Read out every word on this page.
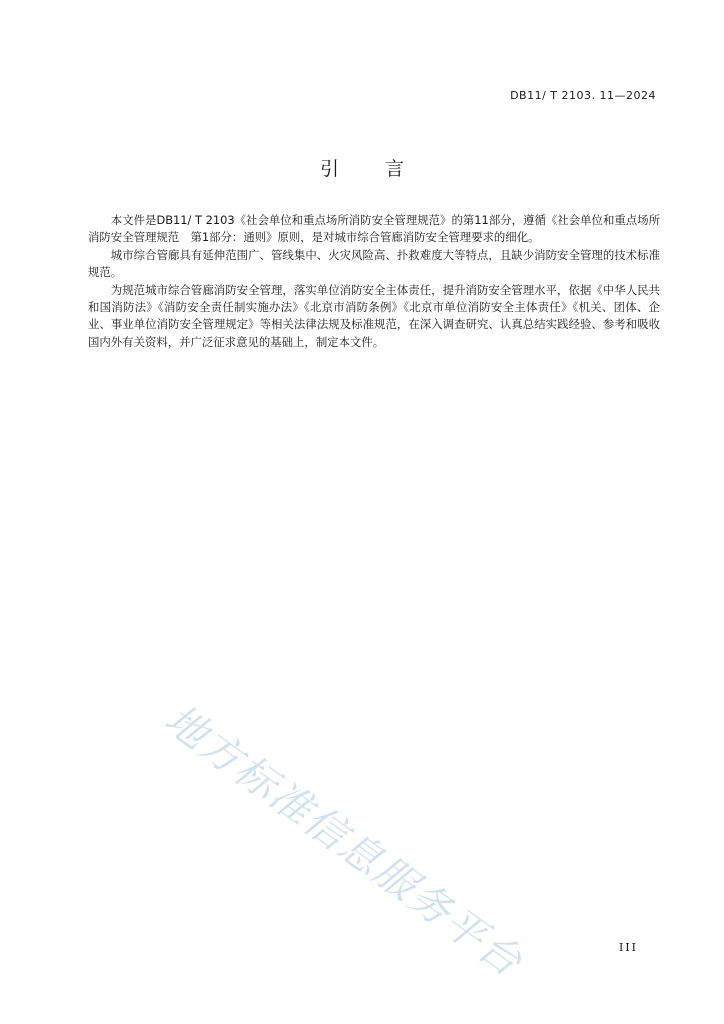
DB11/ T 2103. 11—2024
引言

本文件是DB11/ T 2103《社会单位和重点场所消防安全管理规范》的第11部分，遵循《社会单位和重点场所消防安全管理规范　第1部分：通则》原则，是对城市综合管廊消防安全管理要求的细化。

城市综合管廊具有延伸范围广、管线集中、火灾风险高、扑救难度大等特点，且缺少消防安全管理的技术标准规范。

为规范城市综合管廊消防安全管理，落实单位消防安全主体责任，提升消防安全管理水平，依据《中华人民共和国消防法》《消防安全责任制实施办法》《北京市消防条例》《北京市单位消防安全主体责任》《机关、团体、企业、事业单位消防安全管理规定》等相关法律法规及标准规范，在深入调查研究、认真总结实践经验、参考和吸收国内外有关资料，并广泛征求意见的基础上，制定本文件。

地方标准信息服务平台	III
